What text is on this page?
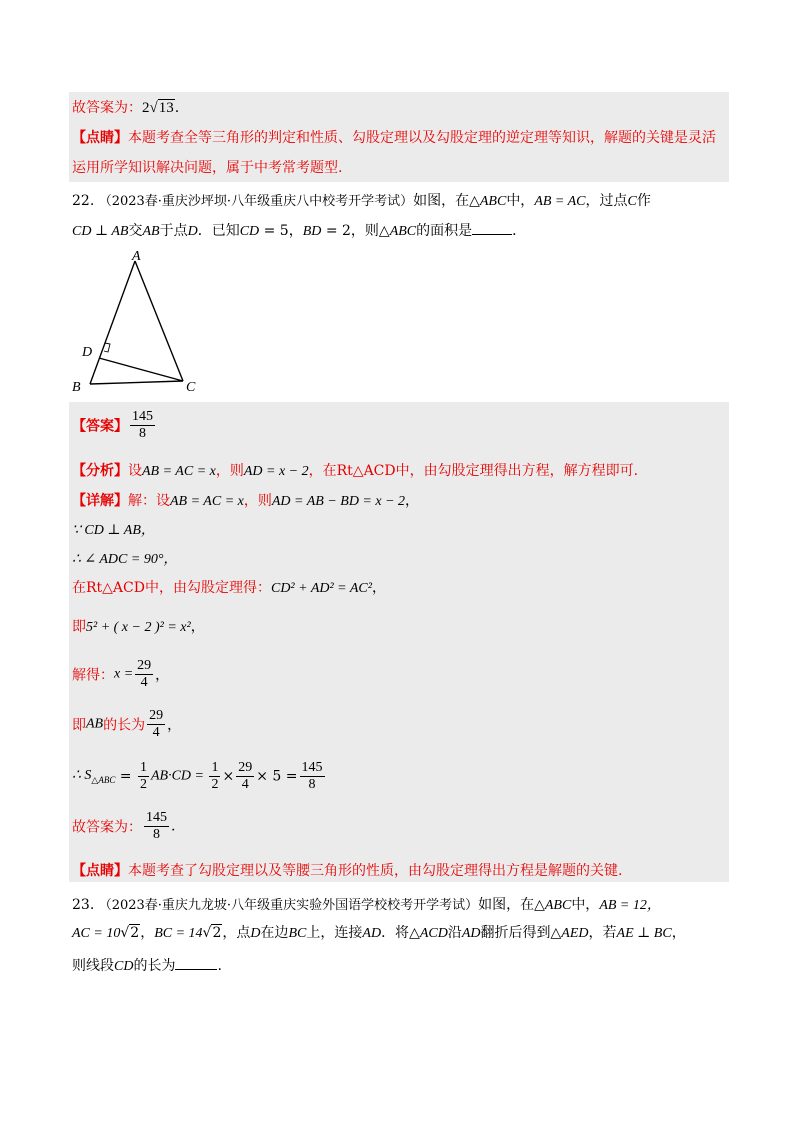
故答案为：2√13.
【点睛】本题考查全等三角形的判定和性质、勾股定理以及勾股定理的逆定理等知识，解题的关键是灵活
运用所学知识解决问题，属于中考常考题型.
22. （2023春·重庆沙坪坝·八年级重庆八中校考开学考试）如图，在△ABC中，AB = AC，过点C作
CD ⊥ AB交AB于点D．已知CD = 5，BD = 2，则△ABC的面积是	．
A
B	C
D
【答案】 $\frac{145}{8}$
【分析】设AB = AC = x，则AD = x − 2，在Rt△ACD中，由勾股定理得出方程，解方程即可.
【详解】解：设AB = AC = x，则AD = AB − BD = x − 2，
∵ CD ⊥ AB，
∴ ∠ ADC = 90°，
在Rt△ACD中，由勾股定理得：CD² + AD² = AC²，
即5² + ( x − 2 )² = x²，
解得：$x = \frac{29}{4}$ ，
即AB的长为 $\frac{29}{4}$ ，
∴ $S_{\triangle ABC} = \frac{1}{2} AB\cdot CD = \frac{1}{2} \times \frac{29}{4} \times 5 = \frac{145}{8}$
故答案为： $\frac{145}{8}$ .
【点睛】本题考查了勾股定理以及等腰三角形的性质，由勾股定理得出方程是解题的关键.
23. （2023春·重庆九龙坡·八年级重庆实验外国语学校校考开学考试）如图，在△ABC中，AB = 12，
AC = 10√2，BC = 14√2，点D在边BC上，连接AD．将△ACD沿AD翻折后得到△AED，若AE ⊥ BC，
则线段CD的长为	.
